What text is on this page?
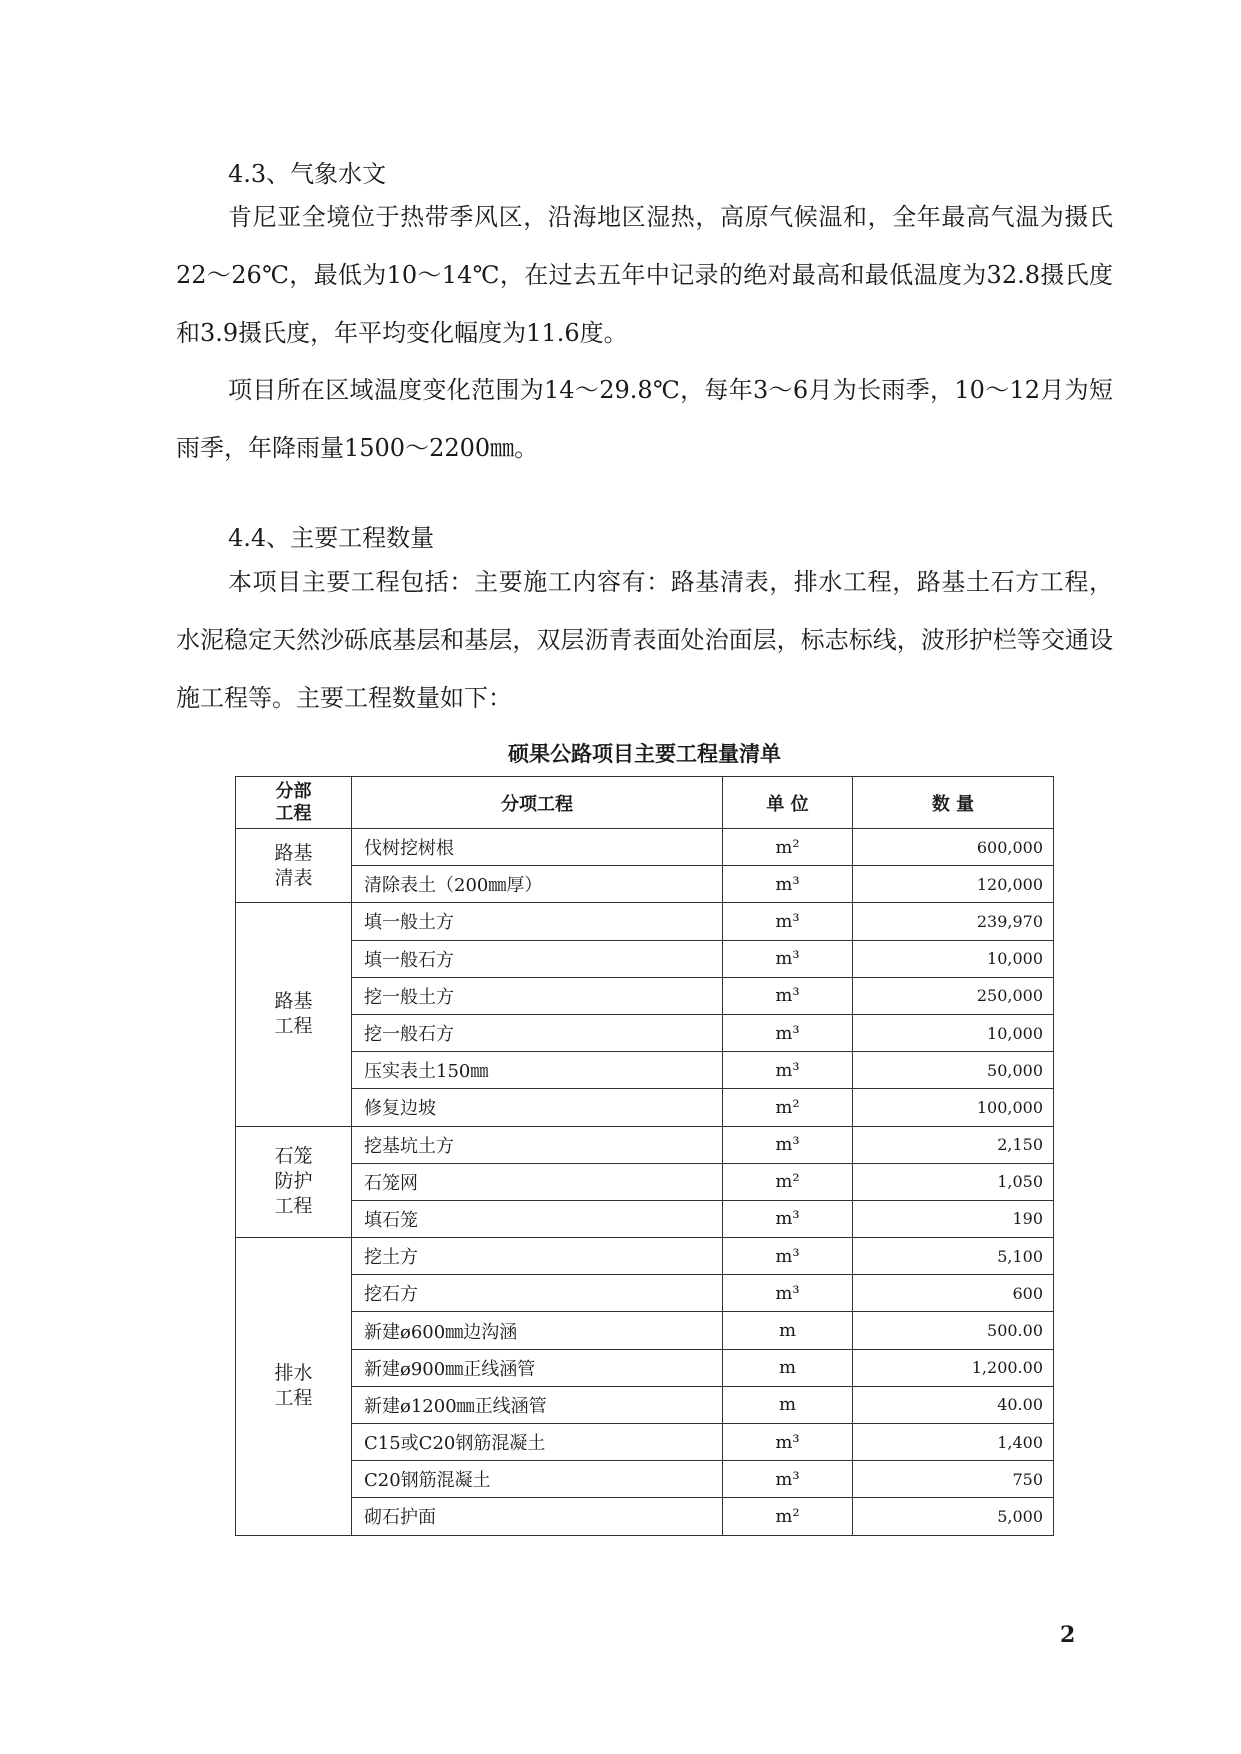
4.3、气象水文
肯尼亚全境位于热带季风区，沿海地区湿热，高原气候温和，全年最高气温为摄氏22～26℃，最低为10～14℃，在过去五年中记录的绝对最高和最低温度为32.8摄氏度和3.9摄氏度，年平均变化幅度为11.6度。
项目所在区域温度变化范围为14～29.8℃，每年3～6月为长雨季，10～12月为短雨季，年降雨量1500～2200㎜。
4.4、主要工程数量
本项目主要工程包括：主要施工内容有：路基清表，排水工程，路基土石方工程，水泥稳定天然沙砾底基层和基层，双层沥青表面处治面层，标志标线，波形护栏等交通设施工程等。主要工程数量如下：
硕果公路项目主要工程量清单
分部
工程	分项工程	单 位	数 量
路基
清表	伐树挖树根	m²	600,000
	清除表土（200㎜厚）	m³	120,000
路基
工程	填一般土方	m³	239,970
	填一般石方	m³	10,000
	挖一般土方	m³	250,000
	挖一般石方	m³	10,000
	压实表土150㎜	m³	50,000
	修复边坡	m²	100,000
石笼
防护
工程	挖基坑土方	m³	2,150
	石笼网	m²	1,050
	填石笼	m³	190
排水
工程	挖土方	m³	5,100
	挖石方	m³	600
	新建ø600㎜边沟涵	m	500.00
	新建ø900㎜正线涵管	m	1,200.00
	新建ø1200㎜正线涵管	m	40.00
	C15或C20钢筋混凝土	m³	1,400
	C20钢筋混凝土	m³	750
	砌石护面	m²	5,000
2
